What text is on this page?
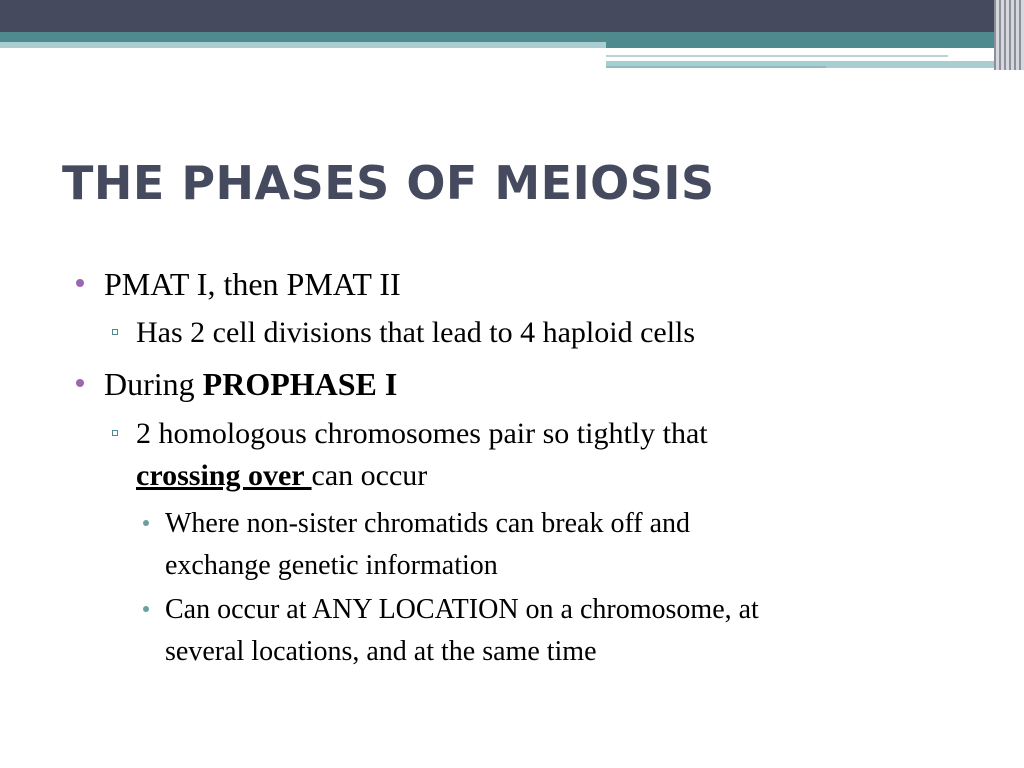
THE PHASES OF MEIOSIS
PMAT I, then PMAT II
Has 2 cell divisions that lead to 4 haploid cells
During PROPHASE I
2 homologous chromosomes pair so tightly that
crossing over can occur
Where non-sister chromatids can break off and
exchange genetic information
Can occur at ANY LOCATION on a chromosome, at
several locations, and at the same time
